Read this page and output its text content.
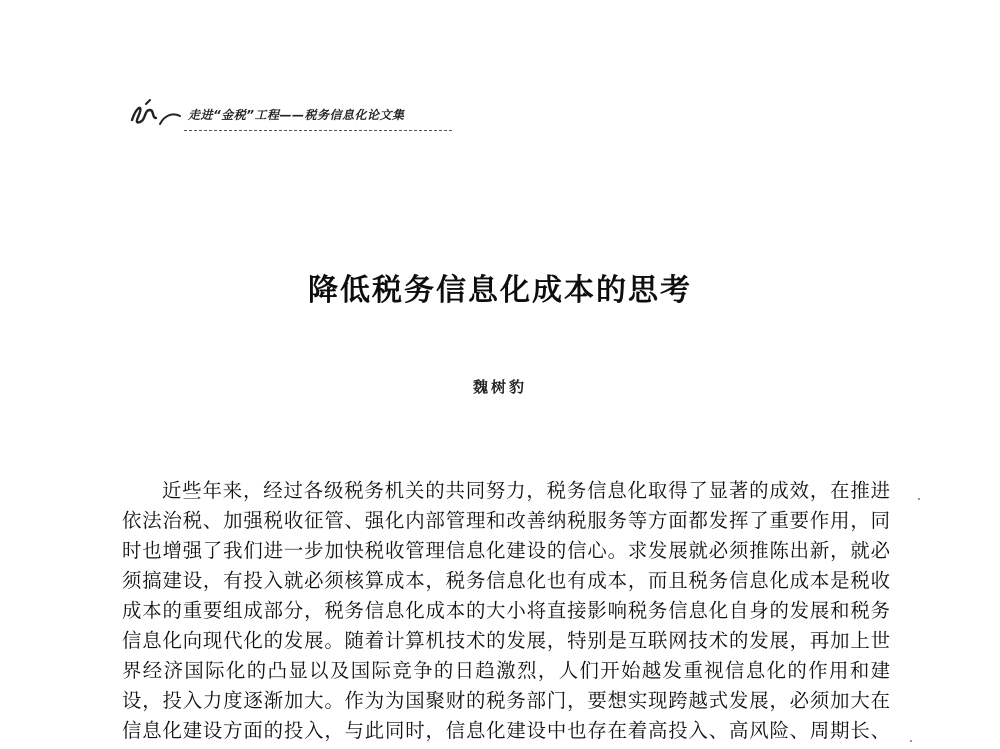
走进“金税”工程——税务信息化论文集
降低税务信息化成本的思考
魏树豹
近些年来，经过各级税务机关的共同努力，税务信息化取得了显著的成效，在推进
依法治税、加强税收征管、强化内部管理和改善纳税服务等方面都发挥了重要作用，同
时也增强了我们进一步加快税收管理信息化建设的信心。求发展就必须推陈出新，就必
须搞建设，有投入就必须核算成本，税务信息化也有成本，而且税务信息化成本是税收
成本的重要组成部分，税务信息化成本的大小将直接影响税务信息化自身的发展和税务
信息化向现代化的发展。随着计算机技术的发展，特别是互联网技术的发展，再加上世
界经济国际化的凸显以及国际竞争的日趋激烈，人们开始越发重视信息化的作用和建
设，投入力度逐渐加大。作为为国聚财的税务部门，要想实现跨越式发展，必须加大在
信息化建设方面的投入，与此同时，信息化建设中也存在着高投入、高风险、周期长、
